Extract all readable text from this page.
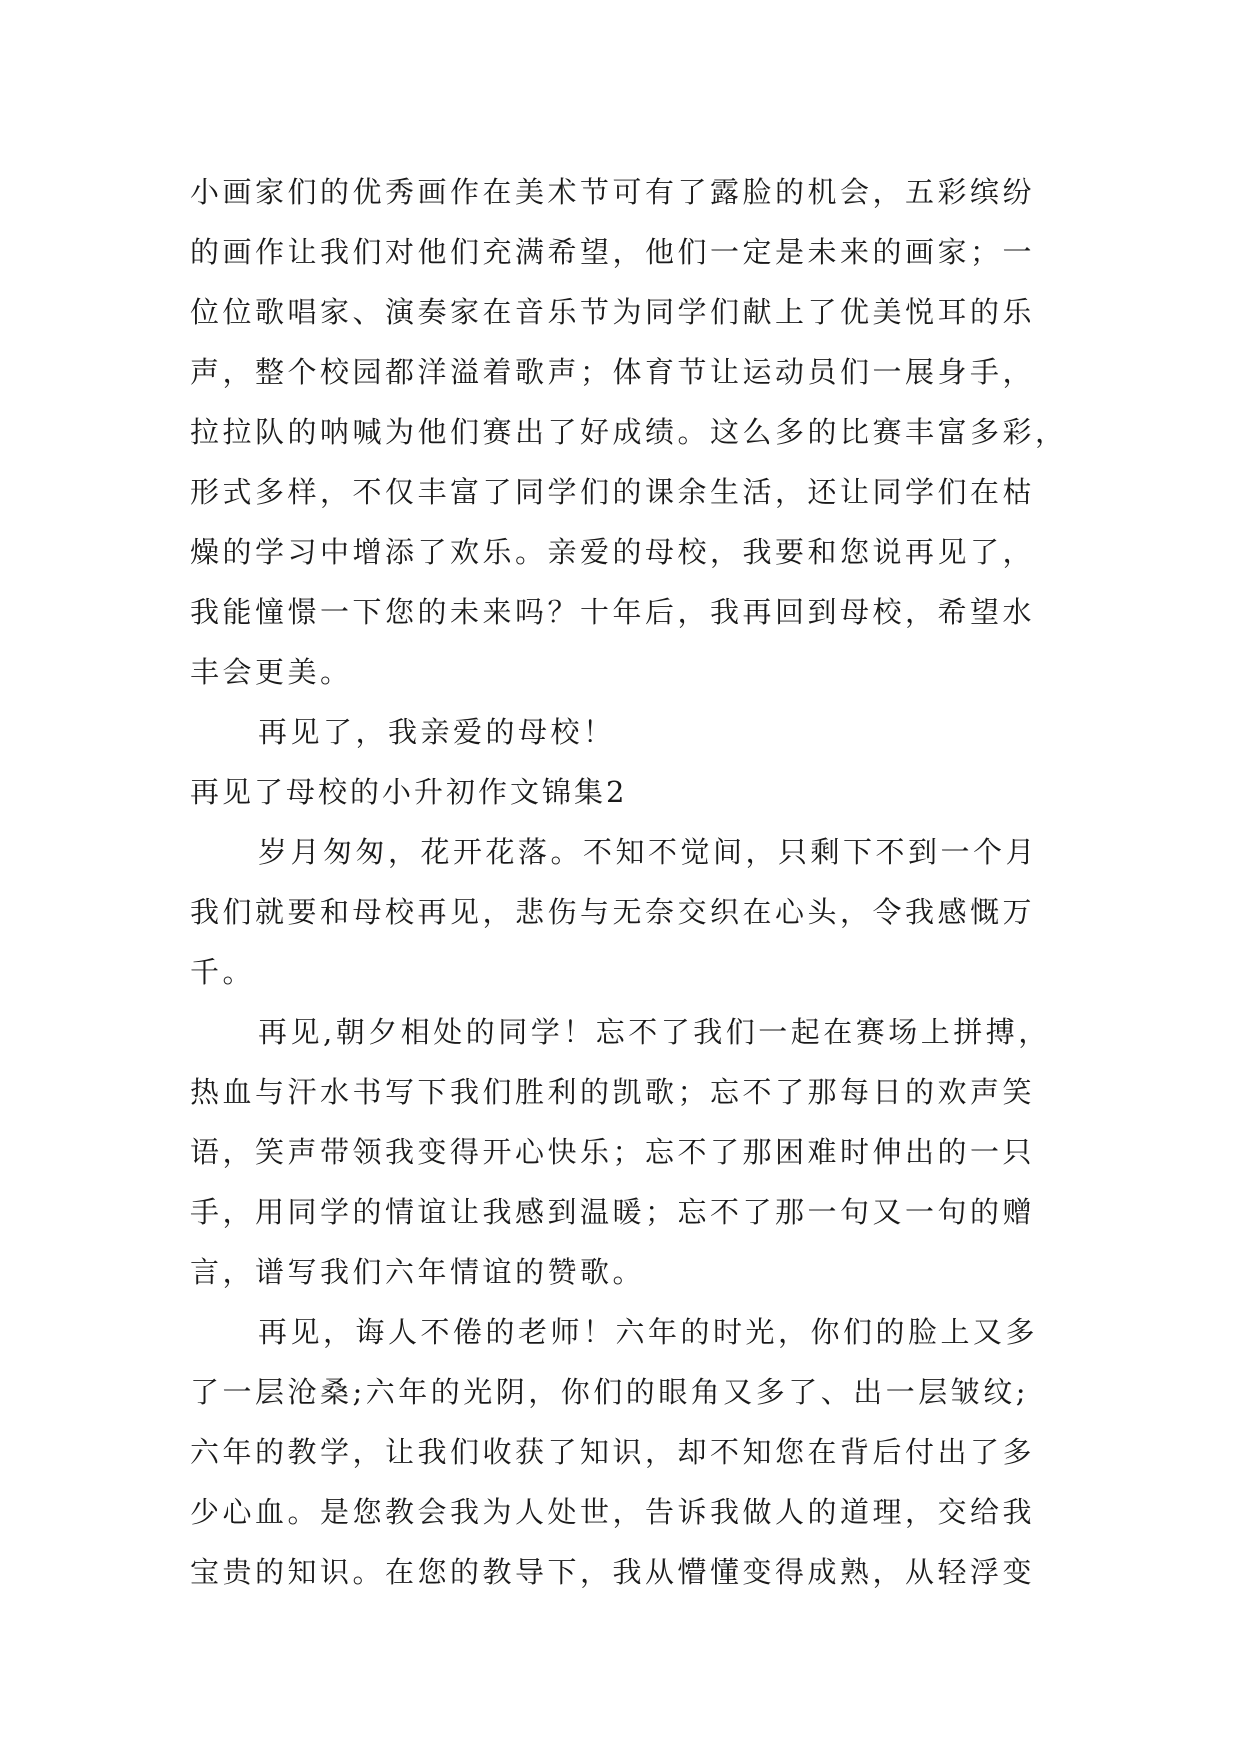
小画家们的优秀画作在美术节可有了露脸的机会，五彩缤纷
的画作让我们对他们充满希望，他们一定是未来的画家；一
位位歌唱家、演奏家在音乐节为同学们献上了优美悦耳的乐
声，整个校园都洋溢着歌声；体育节让运动员们一展身手，
拉拉队的呐喊为他们赛出了好成绩。这么多的比赛丰富多彩，
形式多样，不仅丰富了同学们的课余生活，还让同学们在枯
燥的学习中增添了欢乐。亲爱的母校，我要和您说再见了，
我能憧憬一下您的未来吗？十年后，我再回到母校，希望水
丰会更美。
再见了，我亲爱的母校！
再见了母校的小升初作文锦集2
岁月匆匆，花开花落。不知不觉间，只剩下不到一个月
我们就要和母校再见，悲伤与无奈交织在心头，令我感慨万
千。
再见,朝夕相处的同学！忘不了我们一起在赛场上拼搏，
热血与汗水书写下我们胜利的凯歌；忘不了那每日的欢声笑
语，笑声带领我变得开心快乐；忘不了那困难时伸出的一只
手，用同学的情谊让我感到温暖；忘不了那一句又一句的赠
言，谱写我们六年情谊的赞歌。
再见，诲人不倦的老师！六年的时光，你们的脸上又多
了一层沧桑;六年的光阴，你们的眼角又多了、出一层皱纹;
六年的教学，让我们收获了知识，却不知您在背后付出了多
少心血。是您教会我为人处世，告诉我做人的道理，交给我
宝贵的知识。在您的教导下，我从懵懂变得成熟，从轻浮变
